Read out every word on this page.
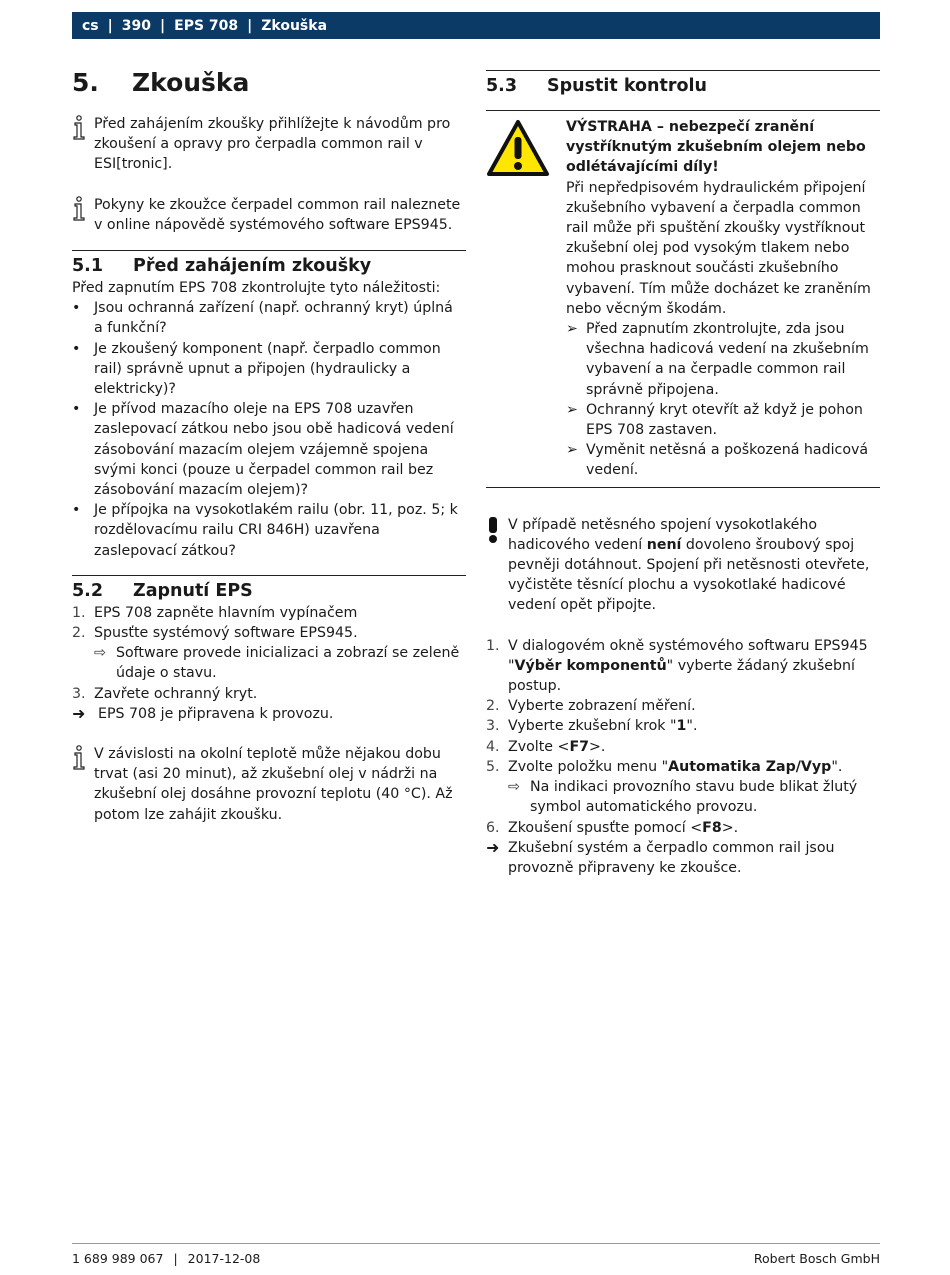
cs | 390 | EPS 708 | Zkouška
5.	Zkouška
Před zahájením zkoušky přihlížejte k návodům pro zkoušení a opravy pro čerpadla common rail v ESI[tronic].
Pokyny ke zkoužce čerpadel common rail naleznete v online nápovědě systémového software EPS945.
5.1	Před zahájením zkoušky
Před zapnutím EPS 708 zkontrolujte tyto náležitosti:
• Jsou ochranná zařízení (např. ochranný kryt) úplná a funkční?
• Je zkoušený komponent (např. čerpadlo common rail) správně upnut a připojen (hydraulicky a elektricky)?
• Je přívod mazacího oleje na EPS 708 uzavřen zaslepovací zátkou nebo jsou obě hadicová vedení zásobování mazacím olejem vzájemně spojena svými konci (pouze u čerpadel common rail bez zásobování mazacím olejem)?
• Je přípojka na vysokotlakém railu (obr. 11, poz. 5; k rozdělovacímu railu CRI 846H) uzavřena zaslepovací zátkou?
5.2	Zapnutí EPS
1. EPS 708 zapněte hlavním vypínačem
2. Spusťte systémový software EPS945.
⇨ Software provede inicializaci a zobrazí se zeleně údaje o stavu.
3. Zavřete ochranný kryt.
➜ EPS 708 je připravena k provozu.
V závislosti na okolní teplotě může nějakou dobu trvat (asi 20 minut), až zkušební olej v nádrži na zkušební olej dosáhne provozní teplotu (40 °C). Až potom lze zahájit zkoušku.
5.3	Spustit kontrolu
VÝSTRAHA – nebezpečí zranění vystříknutým zkušebním olejem nebo odlétávajícími díly!
Při nepředpisovém hydraulickém připojení zkušebního vybavení a čerpadla common rail může při spuštění zkoušky vystříknout zkušební olej pod vysokým tlakem nebo mohou prasknout součásti zkušebního vybavení. Tím může docházet ke zraněním nebo věcným škodám.
➢ Před zapnutím zkontrolujte, zda jsou všechna hadicová vedení na zkušebním vybavení a na čerpadle common rail správně připojena.
➢ Ochranný kryt otevřít až když je pohon EPS 708 zastaven.
➢ Vyměnit netěsná a poškozená hadicová vedení.
V případě netěsného spojení vysokotlakého hadicového vedení není dovoleno šroubový spoj pevněji dotáhnout. Spojení při netěsnosti otevřete, vyčistěte těsnící plochu a vysokotlaké hadicové vedení opět připojte.
1. V dialogovém okně systémového softwaru EPS945 "Výběr komponentů" vyberte žádaný zkušební postup.
2. Vyberte zobrazení měření.
3. Vyberte zkušební krok "1".
4. Zvolte <F7>.
5. Zvolte položku menu "Automatika Zap/Vyp".
⇨ Na indikaci provozního stavu bude blikat žlutý symbol automatického provozu.
6. Zkoušení spusťte pomocí <F8>.
➜ Zkušební systém a čerpadlo common rail jsou provozně připraveny ke zkoušce.
1 689 989 067 | 2017-12-08	Robert Bosch GmbH
